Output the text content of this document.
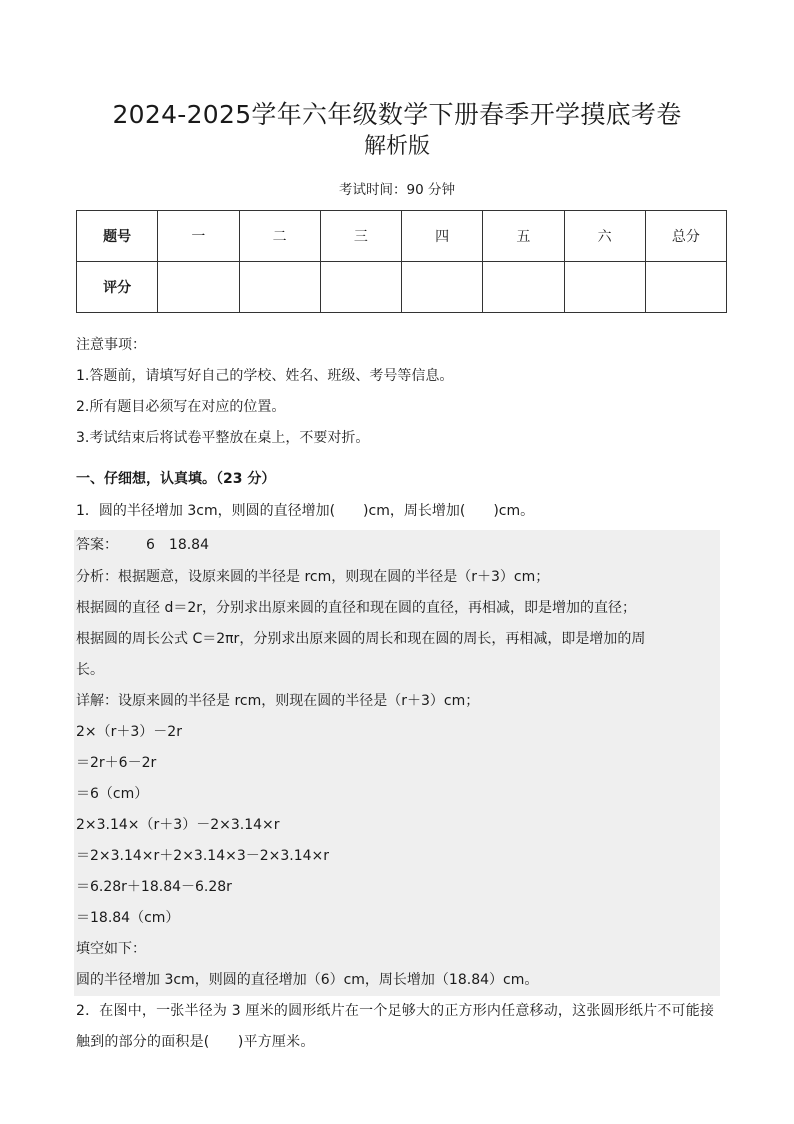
2024-2025学年六年级数学下册春季开学摸底考卷
解析版
考试时间：90 分钟
题号	一	二	三	四	五	六	总分
评分							
注意事项：
1.答题前，请填写好自己的学校、姓名、班级、考号等信息。
2.所有题目必须写在对应的位置。
3.考试结束后将试卷平整放在桌上，不要对折。
一、仔细想，认真填。（23 分）
1．圆的半径增加 3cm，则圆的直径增加(　　)cm，周长增加(　　)cm。
答案： 6　18.84
分析：根据题意，设原来圆的半径是 rcm，则现在圆的半径是（r＋3）cm；
根据圆的直径 d＝2r，分别求出原来圆的直径和现在圆的直径，再相减，即是增加的直径；
根据圆的周长公式 C＝2πr，分别求出原来圆的周长和现在圆的周长，再相减，即是增加的周
长。
详解：设原来圆的半径是 rcm，则现在圆的半径是（r＋3）cm；
2×（r＋3）－2r
＝2r＋6－2r
＝6（cm）
2×3.14×（r＋3）－2×3.14×r
＝2×3.14×r＋2×3.14×3－2×3.14×r
＝6.28r＋18.84－6.28r
＝18.84（cm）
填空如下：
圆的半径增加 3cm，则圆的直径增加（6）cm，周长增加（18.84）cm。
2．在图中，一张半径为 3 厘米的圆形纸片在一个足够大的正方形内任意移动，这张圆形纸片不可能接触到的部分的面积是(　　)平方厘米。
